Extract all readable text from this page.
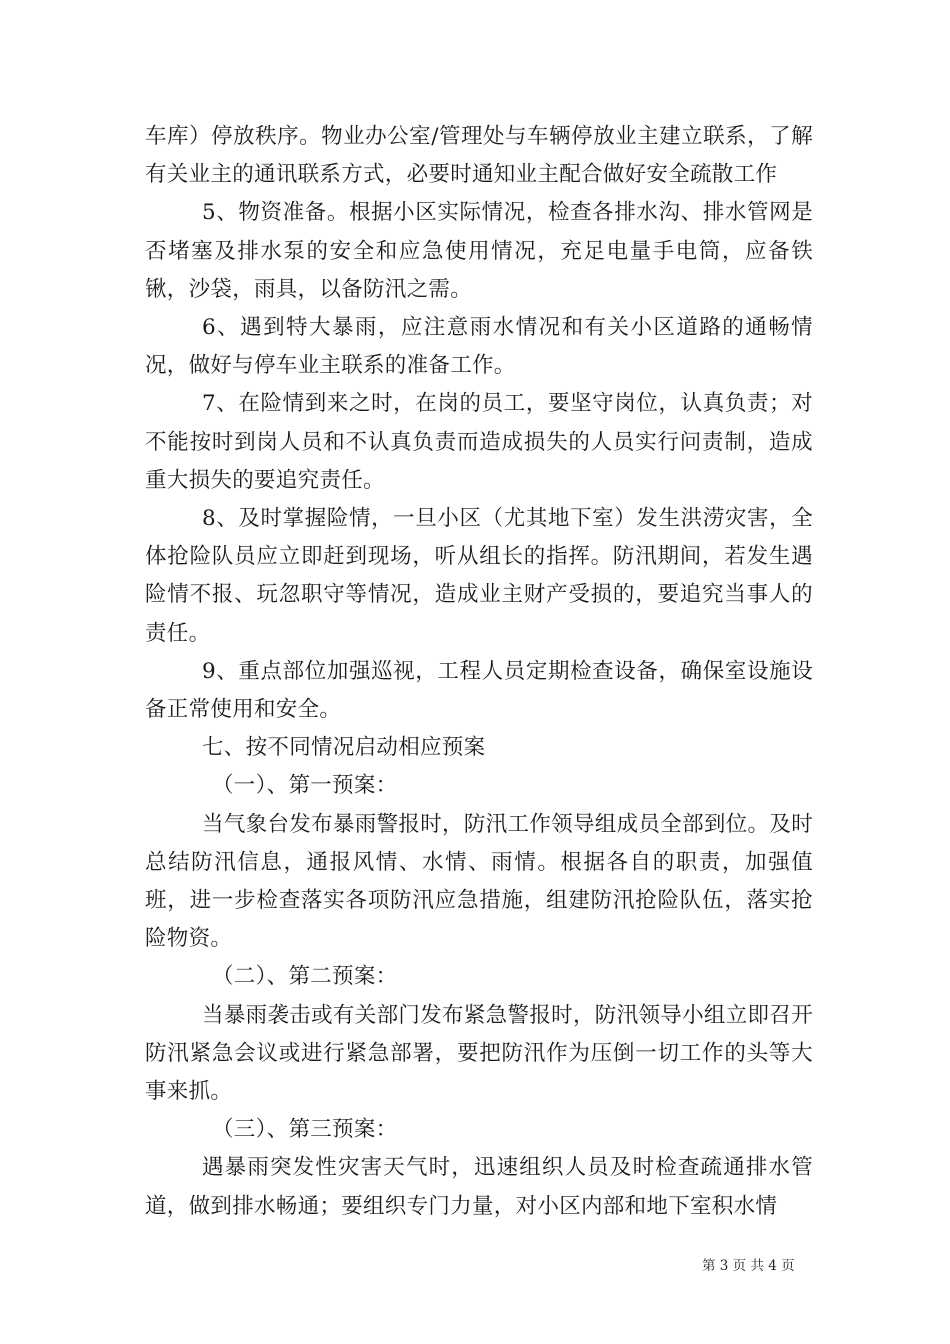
车库）停放秩序。物业办公室/管理处与车辆停放业主建立联系，了解有关业主的通讯联系方式，必要时通知业主配合做好安全疏散工作

5、物资准备。根据小区实际情况，检查各排水沟、排水管网是否堵塞及排水泵的安全和应急使用情况，充足电量手电筒，应备铁锹，沙袋，雨具，以备防汛之需。

6、遇到特大暴雨，应注意雨水情况和有关小区道路的通畅情况，做好与停车业主联系的准备工作。

7、在险情到来之时，在岗的员工，要坚守岗位，认真负责；对不能按时到岗人员和不认真负责而造成损失的人员实行问责制，造成重大损失的要追究责任。

8、及时掌握险情，一旦小区（尤其地下室）发生洪涝灾害，全体抢险队员应立即赶到现场，听从组长的指挥。防汛期间，若发生遇险情不报、玩忽职守等情况，造成业主财产受损的，要追究当事人的责任。

9、重点部位加强巡视，工程人员定期检查设备，确保室设施设备正常使用和安全。

七、按不同情况启动相应预案

（一）、第一预案：

当气象台发布暴雨警报时，防汛工作领导组成员全部到位。及时总结防汛信息，通报风情、水情、雨情。根据各自的职责，加强值班，进一步检查落实各项防汛应急措施，组建防汛抢险队伍，落实抢险物资。

（二）、第二预案：

当暴雨袭击或有关部门发布紧急警报时，防汛领导小组立即召开防汛紧急会议或进行紧急部署，要把防汛作为压倒一切工作的头等大事来抓。

（三）、第三预案：

遇暴雨突发性灾害天气时，迅速组织人员及时检查疏通排水管道，做到排水畅通；要组织专门力量，对小区内部和地下室积水情

第 3 页 共 4 页
